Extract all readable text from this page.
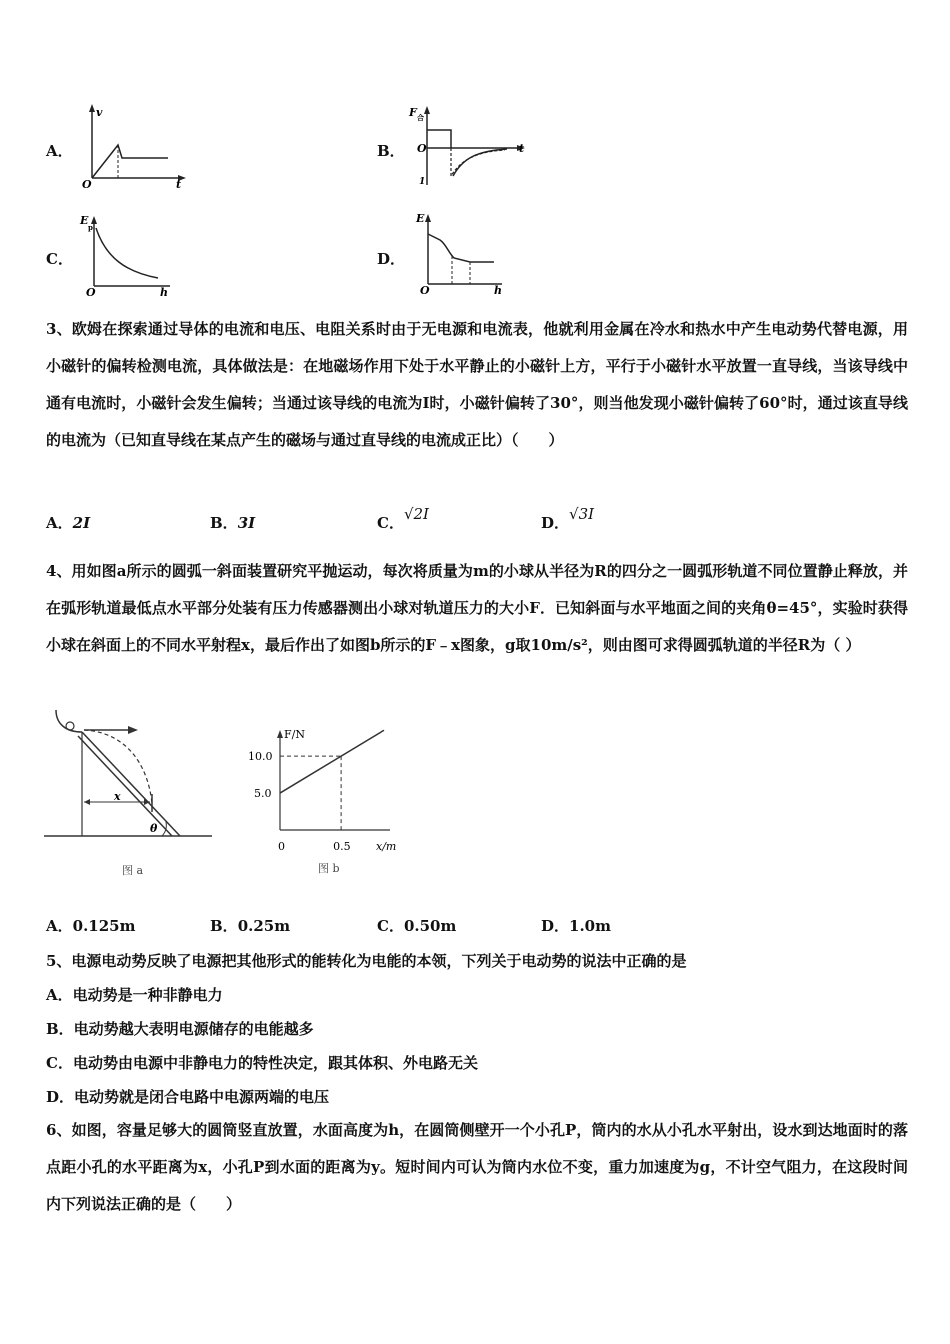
A．
v
t
O
B．
F 合
t
O
1
C．
E
p
h
O
D．
E
h
O
3、欧姆在探索通过导体的电流和电压、电阻关系时由于无电源和电流表，他就利用金属在冷水和热水中产生电动势代替电源，用小磁针的偏转检测电流，具体做法是：在地磁场作用下处于水平静止的小磁针上方，平行于小磁针水平放置一直导线，当该导线中通有电流时，小磁针会发生偏转；当通过该导线的电流为I时，小磁针偏转了30°，则当他发现小磁针偏转了60°时，通过该直导线的电流为（已知直导线在某点产生的磁场与通过直导线的电流成正比）（　　）
A．2I	B．3I	C．√2I	D．√3I
4、用如图a所示的圆弧一斜面装置研究平抛运动，每次将质量为m的小球从半径为R的四分之一圆弧形轨道不同位置静止释放，并在弧形轨道最低点水平部分处装有压力传感器测出小球对轨道压力的大小F．已知斜面与水平地面之间的夹角θ=45°，实验时获得小球在斜面上的不同水平射程x，最后作出了如图b所示的F﹣x图象，g取10m/s²，则由图可求得圆弧轨道的半径R为（ ）
x
θ
图 a
F/N
10.0
5.0
0	0.5 x/m
图 b
A．0.125m	B．0.25m	C．0.50m	D．1.0m
5、电源电动势反映了电源把其他形式的能转化为电能的本领，下列关于电动势的说法中正确的是
A．电动势是一种非静电力
B．电动势越大表明电源储存的电能越多
C．电动势由电源中非静电力的特性决定，跟其体积、外电路无关
D．电动势就是闭合电路中电源两端的电压
6、如图，容量足够大的圆筒竖直放置，水面高度为h，在圆筒侧壁开一个小孔P，筒内的水从小孔水平射出，设水到达地面时的落点距小孔的水平距离为x，小孔P到水面的距离为y。短时间内可认为筒内水位不变，重力加速度为g，不计空气阻力，在这段时间内下列说法正确的是（　　）
